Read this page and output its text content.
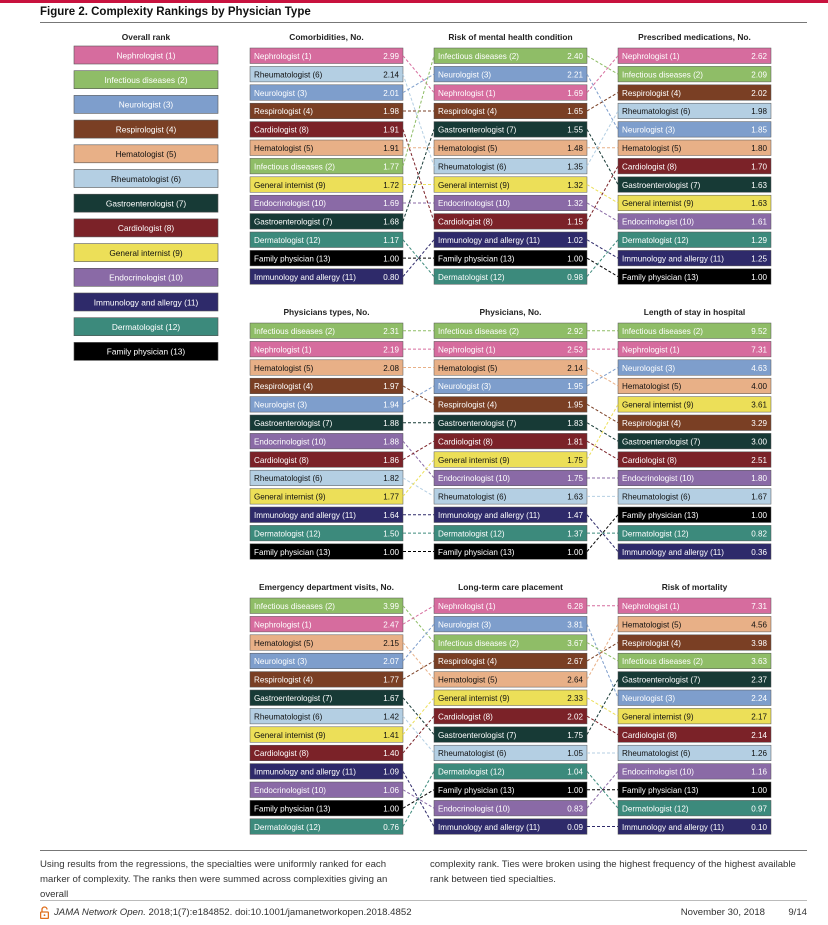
Figure 2. Complexity Rankings by Physician Type
Overall rank
Nephrologist (1)
Infectious diseases (2)
Neurologist (3)
Respirologist (4)
Hematologist (5)
Rheumatologist (6)
Gastroenterologist (7)
Cardiologist (8)
General internist (9)
Endocrinologist (10)
Immunology and allergy (11)
Dermatologist (12)
Family physician (13)
Comorbidities, No.
Nephrologist (1)	2.99
Rheumatologist (6)	2.14
Neurologist (3)	2.01
Respirologist (4)	1.98
Cardiologist (8)	1.91
Hematologist (5)	1.91
Infectious diseases (2)	1.77
General internist (9)	1.72
Endocrinologist (10)	1.69
Gastroenterologist (7)	1.68
Dermatologist (12)	1.17
Family physician (13)	1.00
Immunology and allergy (11)	0.80
Risk of mental health condition
Infectious diseases (2)	2.40
Neurologist (3)	2.21
Nephrologist (1)	1.69
Respirologist (4)	1.65
Gastroenterologist (7)	1.55
Hematologist (5)	1.48
Rheumatologist (6)	1.35
General internist (9)	1.32
Endocrinologist (10)	1.32
Cardiologist (8)	1.15
Immunology and allergy (11)	1.02
Family physician (13)	1.00
Dermatologist (12)	0.98
Prescribed medications, No.
Nephrologist (1)	2.62
Infectious diseases (2)	2.09
Respirologist (4)	2.02
Rheumatologist (6)	1.98
Neurologist (3)	1.85
Hematologist (5)	1.80
Cardiologist (8)	1.70
Gastroenterologist (7)	1.63
General internist (9)	1.63
Endocrinologist (10)	1.61
Dermatologist (12)	1.29
Immunology and allergy (11)	1.25
Family physician (13)	1.00
Physicians types, No.
Infectious diseases (2)	2.31
Nephrologist (1)	2.19
Hematologist (5)	2.08
Respirologist (4)	1.97
Neurologist (3)	1.94
Gastroenterologist (7)	1.88
Endocrinologist (10)	1.88
Cardiologist (8)	1.86
Rheumatologist (6)	1.82
General internist (9)	1.77
Immunology and allergy (11)	1.64
Dermatologist (12)	1.50
Family physician (13)	1.00
Physicians, No.
Infectious diseases (2)	2.92
Nephrologist (1)	2.53
Hematologist (5)	2.14
Neurologist (3)	1.95
Respirologist (4)	1.95
Gastroenterologist (7)	1.83
Cardiologist (8)	1.81
General internist (9)	1.75
Endocrinologist (10)	1.75
Rheumatologist (6)	1.63
Immunology and allergy (11)	1.47
Dermatologist (12)	1.37
Family physician (13)	1.00
Length of stay in hospital
Infectious diseases (2)	9.52
Nephrologist (1)	7.31
Neurologist (3)	4.63
Hematologist (5)	4.00
General internist (9)	3.61
Respirologist (4)	3.29
Gastroenterologist (7)	3.00
Cardiologist (8)	2.51
Endocrinologist (10)	1.80
Rheumatologist (6)	1.67
Family physician (13)	1.00
Dermatologist (12)	0.82
Immunology and allergy (11)	0.36
Emergency department visits, No.
Infectious diseases (2)	3.99
Nephrologist (1)	2.47
Hematologist (5)	2.15
Neurologist (3)	2.07
Respirologist (4)	1.77
Gastroenterologist (7)	1.67
Rheumatologist (6)	1.42
General internist (9)	1.41
Cardiologist (8)	1.40
Immunology and allergy (11)	1.09
Endocrinologist (10)	1.06
Family physician (13)	1.00
Dermatologist (12)	0.76
Long-term care placement
Nephrologist (1)	6.28
Neurologist (3)	3.81
Infectious diseases (2)	3.67
Respirologist (4)	2.67
Hematologist (5)	2.64
General internist (9)	2.33
Cardiologist (8)	2.02
Gastroenterologist (7)	1.75
Rheumatologist (6)	1.05
Dermatologist (12)	1.04
Family physician (13)	1.00
Endocrinologist (10)	0.83
Immunology and allergy (11)	0.09
Risk of mortality
Nephrologist (1)	7.31
Hematologist (5)	4.56
Respirologist (4)	3.98
Infectious diseases (2)	3.63
Gastroenterologist (7)	2.37
Neurologist (3)	2.24
General internist (9)	2.17
Cardiologist (8)	2.14
Rheumatologist (6)	1.26
Endocrinologist (10)	1.16
Family physician (13)	1.00
Dermatologist (12)	0.97
Immunology and allergy (11)	0.10
Using results from the regressions, the specialties were uniformly ranked for each marker of complexity. The ranks then were summed across complexities giving an overall
complexity rank. Ties were broken using the highest frequency of the highest available rank between tied specialties.
JAMA Network Open. 2018;1(7):e184852. doi:10.1001/jamanetworkopen.2018.4852	November 30, 2018 9/14
